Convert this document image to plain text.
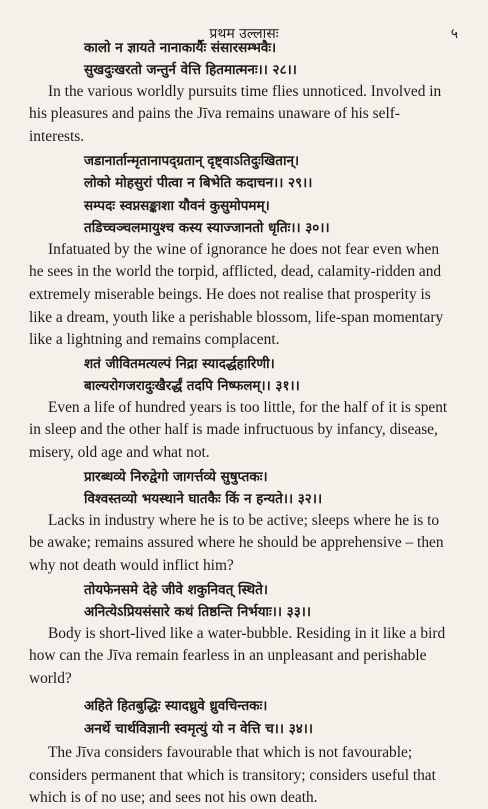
प्रथम उल्लासः	५
कालो न ज्ञायते नानाकार्यैः संसारसम्भवैः।
सुखदुःखरतो जन्तुर्न वेत्ति हितमात्मनः।। २८।।
In the various worldly pursuits time flies unnoticed. Involved in
his pleasures and pains the Jīva remains unaware of his self-
interests.
जडानार्तान्मृतानापद्ग्रतान् दृष्ट्वाऽतिदुःखितान्।
लोको मोहसुरां पीत्वा न बिभेति कदाचन।। २९।।
सम्पदः स्वप्नसङ्काशा यौवनं कुसुमोपमम्।
तडिच्चञ्चलमायुश्च कस्य स्याज्जानतो धृतिः।। ३०।।
Infatuated by the wine of ignorance he does not fear even when
he sees in the world the torpid, afflicted, dead, calamity-ridden and
extremely miserable beings. He does not realise that prosperity is
like a dream, youth like a perishable blossom, life-span momentary
like a lightning and remains complacent.
शतं जीवितमत्यल्पं निद्रा स्यादर्द्धहारिणी।
बाल्यरोगजरादुःखैरर्द्धं तदपि निष्फलम्।। ३१।।
Even a life of hundred years is too little, for the half of it is spent
in sleep and the other half is made infructuous by infancy, disease,
misery, old age and what not.
प्रारब्धव्ये निरुद्वेगो जागर्त्तव्ये सुषुप्तकः।
विश्वस्तव्यो भयस्थाने घातकैः किं न हन्यते।। ३२।।
Lacks in industry where he is to be active; sleeps where he is to
be awake; remains assured where he should be apprehensive – then
why not death would inflict him?
तोयफेनसमे देहे जीवे शकुनिवत् स्थिते।
अनित्येऽप्रियसंसारे कथं तिष्ठन्ति निर्भयाः।। ३३।।
Body is short-lived like a water-bubble. Residing in it like a bird
how can the Jīva remain fearless in an unpleasant and perishable
world?
अहिते हितबुद्धिः स्यादध्रुवे ध्रुवचिन्तकः।
अनर्थे चार्थविज्ञानी स्वमृत्युं यो न वेत्ति च।। ३४।।
The Jīva considers favourable that which is not favourable;
considers permanent that which is transitory; considers useful that
which is of no use; and sees not his own death.
